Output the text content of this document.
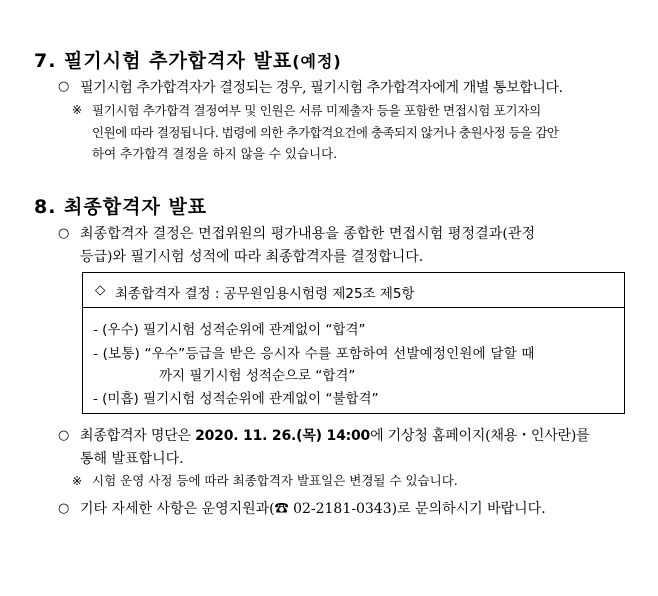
7. 필기시험 추가합격자 발표(예정)
○ 필기시험 추가합격자가 결정되는 경우, 필기시험 추가합격자에게 개별 통보합니다.
※ 필기시험 추가합격 결정여부 및 인원은 서류 미제출자 등을 포함한 면접시험 포기자의
인원에 따라 결정됩니다. 법령에 의한 추가합격요건에 충족되지 않거나 충원사정 등을 감안
하여 추가합격 결정을 하지 않을 수 있습니다.
8. 최종합격자 발표
○ 최종합격자 결정은 면접위원의 평가내용을 종합한 면접시험 평정결과(관정
등급)와 필기시험 성적에 따라 최종합격자를 결정합니다.
◇ 최종합격자 결정 : 공무원임용시험령 제25조 제5항
- (우수) 필기시험 성적순위에 관계없이 “합격”
- (보통) “우수”등급을 받은 응시자 수를 포함하여 선발예정인원에 달할 때
까지 필기시험 성적순으로 “합격”
- (미흡) 필기시험 성적순위에 관계없이 “불합격”
○ 최종합격자 명단은 2020. 11. 26.(목) 14:00에 기상청 홈페이지(채용・인사란)를
통해 발표합니다.
※ 시험 운영 사정 등에 따라 최종합격자 발표일은 변경될 수 있습니다.
○ 기타 자세한 사항은 운영지원과(☎ 02-2181-0343)로 문의하시기 바랍니다.
